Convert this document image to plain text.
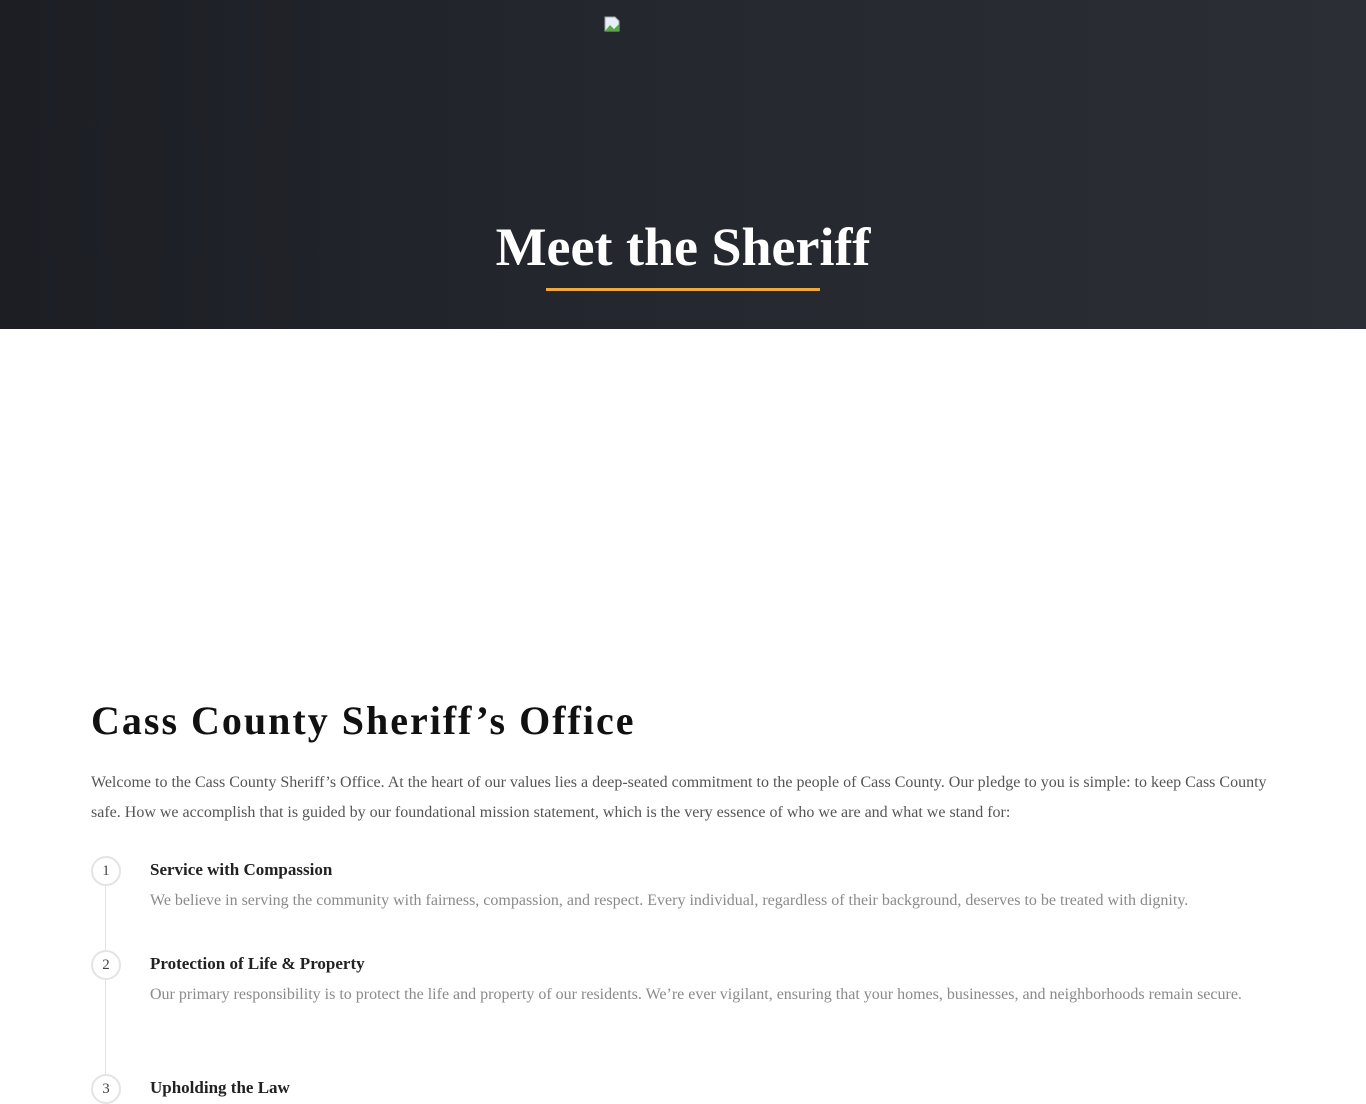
Meet the Sheriff
Cass County Sheriff’s Office

Welcome to the Cass County Sheriff’s Office. At the heart of our values lies a deep-seated commitment to the people of Cass County. Our pledge to you is simple: to keep Cass County safe. How we accomplish that is guided by our foundational mission statement, which is the very essence of who we are and what we stand for:

1	Service with Compassion
We believe in serving the community with fairness, compassion, and respect. Every individual, regardless of their background, deserves to be treated with dignity.
2	Protection of Life & Property
Our primary responsibility is to protect the life and property of our residents. We’re ever vigilant, ensuring that your homes, businesses, and neighborhoods remain secure.
3	Upholding the Law
